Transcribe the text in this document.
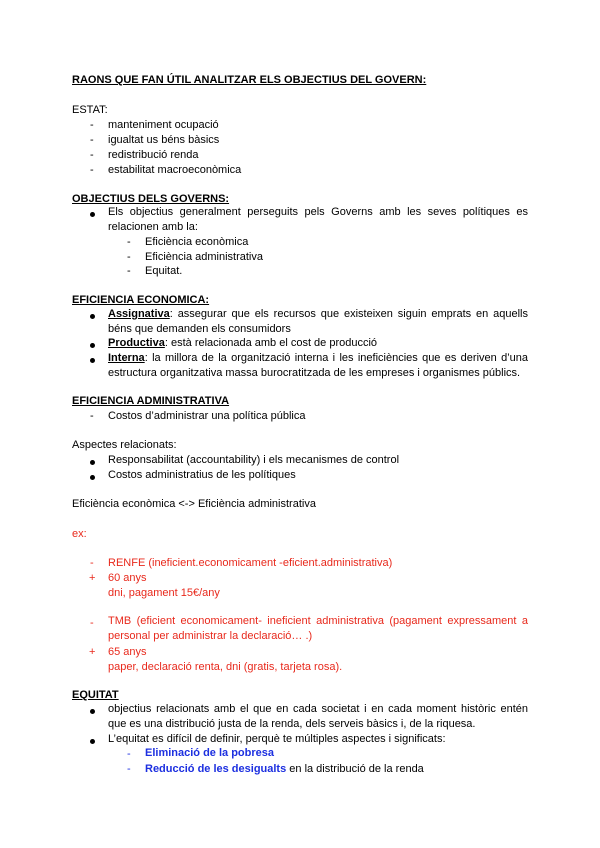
RAONS QUE FAN ÚTIL ANALITZAR ELS OBJECTIUS DEL GOVERN:
ESTAT:
- manteniment ocupació
- igualtat us béns bàsics
- redistribució renda
- estabilitat macroeconòmica
OBJECTIUS DELS GOVERNS:
Els objectius generalment perseguits pels Governs amb les seves polítiques es relacionen amb la:
- Eficiència econòmica
- Eficiència administrativa
- Equitat.
EFICIENCIA ECONOMICA:
Assignativa: assegurar que els recursos que existeixen siguin emprats en aquells béns que demanden els consumidors
Productiva: està relacionada amb el cost de producció
Interna: la millora de la organització interna i les ineficiències que es deriven d’una estructura organitzativa massa burocratitzada de les empreses i organismes públics.
EFICIENCIA ADMINISTRATIVA
- Costos d’administrar una política pública
Aspectes relacionats:
Responsabilitat (accountability) i els mecanismes de control
Costos administratius de les polítiques
Eficiència econòmica <-> Eficiència administrativa
ex:
- RENFE (ineficient.economicament -eficient.administrativa)
+ 60 anys
dni, pagament 15€/any
- TMB (eficient economicament- ineficient administrativa (pagament expressament a personal per administrar la declaració… .)
+ 65 anys
paper, declaració renta, dni (gratis, tarjeta rosa).
EQUITAT
objectius relacionats amb el que en cada societat i en cada moment històric entén que es una distribució justa de la renda, dels serveis bàsics i, de la riquesa.
L’equitat es difícil de definir, perquè te múltiples aspectes i significats:
- Eliminació de la pobresa
- Reducció de les desigualts en la distribució de la renda
